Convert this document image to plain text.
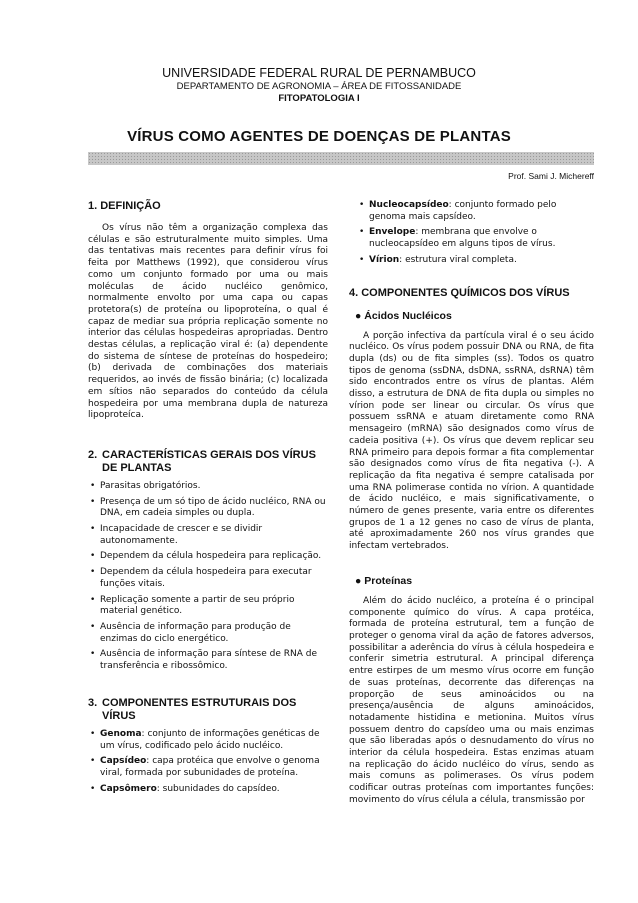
UNIVERSIDADE FEDERAL RURAL DE PERNAMBUCO
DEPARTAMENTO DE AGRONOMIA – ÁREA DE FITOSSANIDADE
FITOPATOLOGIA I
VÍRUS COMO AGENTES DE DOENÇAS DE PLANTAS
Prof. Sami J. Michereff
1. DEFINIÇÃO

Os vírus não têm a organização complexa das células e são estruturalmente muito simples. Uma das tentativas mais recentes para definir vírus foi feita por Matthews (1992), que considerou vírus como um conjunto formado por uma ou mais moléculas de ácido nucléico genômico, normalmente envolto por uma capa ou capas protetora(s) de proteína ou lipoproteína, o qual é capaz de mediar sua própria replicação somente no interior das células hospedeiras apropriadas. Dentro destas células, a replicação viral é: (a) dependente do sistema de síntese de proteínas do hospedeiro; (b) derivada de combinações dos materiais requeridos, ao invés de fissão binária; (c) localizada em sítios não separados do conteúdo da célula hospedeira por uma membrana dupla de natureza lipoproteíca.

2. CARACTERÍSTICAS GERAIS DOS VÍRUS
DE PLANTAS
• Parasitas obrigatórios.
• Presença de um só tipo de ácido nucléico, RNA ou DNA, em cadeia simples ou dupla.
• Incapacidade de crescer e se dividir autonomamente.
• Dependem da célula hospedeira para replicação.
• Dependem da célula hospedeira para executar funções vitais.
• Replicação somente a partir de seu próprio material genético.
• Ausência de informação para produção de enzimas do ciclo energético.
• Ausência de informação para síntese de RNA de transferência e ribossômico.
3. COMPONENTES ESTRUTURAIS DOS
VÍRUS
• Genoma: conjunto de informações genéticas de um vírus, codificado pelo ácido nucléico.
• Capsídeo: capa protéica que envolve o genoma viral, formada por subunidades de proteína.
• Capsômero: subunidades do capsídeo.
• Nucleocapsídeo: conjunto formado pelo genoma mais capsídeo.
• Envelope: membrana que envolve o nucleocapsídeo em alguns tipos de vírus.
• Vírion: estrutura viral completa.
4. COMPONENTES QUÍMICOS DOS VÍRUS
● Ácidos Nucléicos

A porção infectiva da partícula viral é o seu ácido nucléico. Os vírus podem possuir DNA ou RNA, de fita dupla (ds) ou de fita simples (ss). Todos os quatro tipos de genoma (ssDNA, dsDNA, ssRNA, dsRNA) têm sido encontrados entre os vírus de plantas. Além disso, a estrutura de DNA de fita dupla ou simples no vírion pode ser linear ou circular. Os vírus que possuem ssRNA e atuam diretamente como RNA mensageiro (mRNA) são designados como vírus de cadeia positiva (+). Os vírus que devem replicar seu RNA primeiro para depois formar a fita complementar são designados como vírus de fita negativa (-). A replicação da fita negativa é sempre catalisada por uma RNA polimerase contida no vírion. A quantidade de ácido nucléico, e mais significativamente, o número de genes presente, varia entre os diferentes grupos de 1 a 12 genes no caso de vírus de planta, até aproximadamente 260 nos vírus grandes que infectam vertebrados.

● Proteínas

Além do ácido nucléico, a proteína é o principal componente químico do vírus. A capa protéica, formada de proteína estrutural, tem a função de proteger o genoma viral da ação de fatores adversos, possibilitar a aderência do vírus à célula hospedeira e conferir simetria estrutural. A principal diferença entre estirpes de um mesmo vírus ocorre em função de suas proteínas, decorrente das diferenças na proporção de seus aminoácidos ou na presença/ausência de alguns aminoácidos, notadamente histidina e metionina. Muitos vírus possuem dentro do capsídeo uma ou mais enzimas que são liberadas após o desnudamento do vírus no interior da célula hospedeira. Estas enzimas atuam na replicação do ácido nucléico do vírus, sendo as mais comuns as polimerases. Os vírus podem codificar outras proteínas com importantes funções: movimento do vírus célula a célula, transmissão por
